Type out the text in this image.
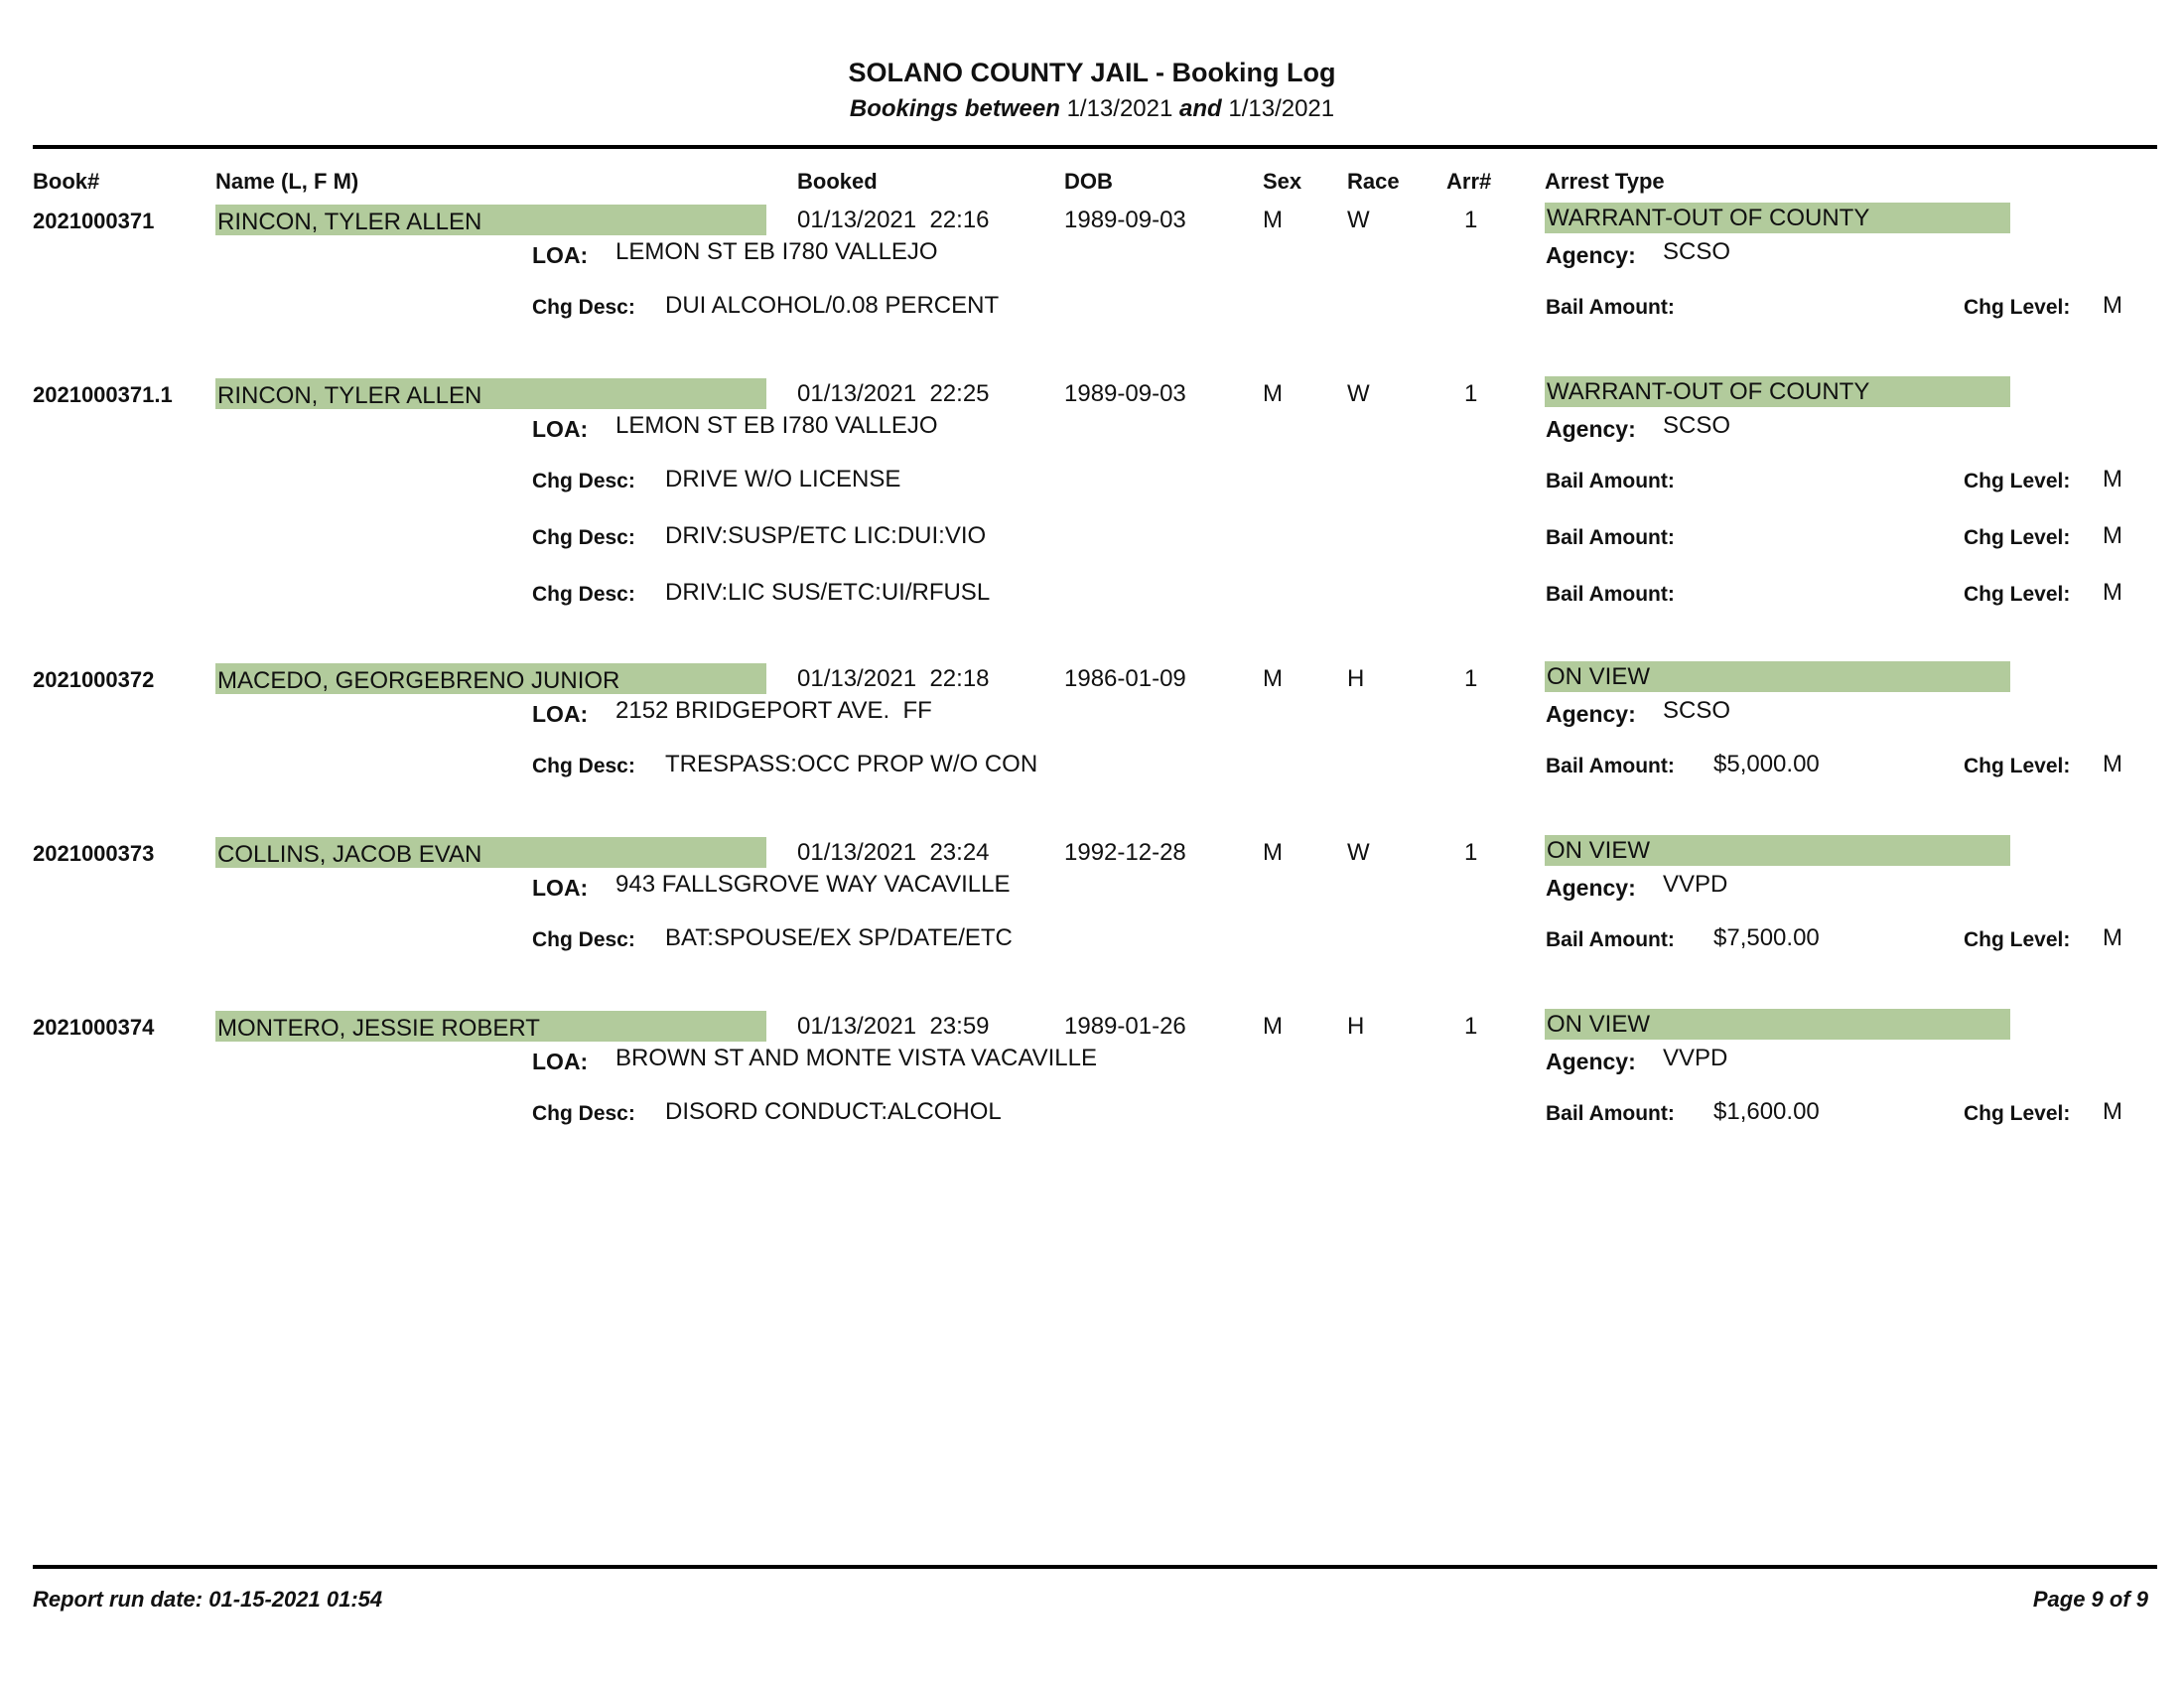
SOLANO COUNTY JAIL - Booking Log
Bookings between 1/13/2021 and 1/13/2021
Book#	Name (L, F M)	Booked	DOB	Sex Race Arr# Arrest Type
2021000371	RINCON, TYLER ALLEN	01/13/2021  22:16	1989-09-03	M	W	1	WARRANT-OUT OF COUNTY
LOA: LEMON ST EB I780 VALLEJO	Agency: SCSO
Chg Desc: DUI ALCOHOL/0.08 PERCENT	Bail Amount:	Chg Level: M
2021000371.1 RINCON, TYLER ALLEN	01/13/2021  22:25	1989-09-03	M	W	1	WARRANT-OUT OF COUNTY
LOA: LEMON ST EB I780 VALLEJO	Agency: SCSO
Chg Desc: DRIVE W/O LICENSE	Bail Amount:	Chg Level: M
Chg Desc: DRIV:SUSP/ETC LIC:DUI:VIO	Bail Amount:	Chg Level: M
Chg Desc: DRIV:LIC SUS/ETC:UI/RFUSL	Bail Amount:	Chg Level: M
2021000372	MACEDO, GEORGEBRENO JUNIOR	01/13/2021  22:18	1986-01-09	M	H	1	ON VIEW
LOA: 2152 BRIDGEPORT AVE.  FF	Agency: SCSO
Chg Desc: TRESPASS:OCC PROP W/O CON	Bail Amount: $5,000.00	Chg Level: M
2021000373	COLLINS, JACOB EVAN	01/13/2021  23:24	1992-12-28	M	W	1	ON VIEW
LOA: 943 FALLSGROVE WAY VACAVILLE	Agency: VVPD
Chg Desc: BAT:SPOUSE/EX SP/DATE/ETC	Bail Amount: $7,500.00	Chg Level: M
2021000374	MONTERO, JESSIE ROBERT	01/13/2021  23:59	1989-01-26	M	H	1	ON VIEW
LOA: BROWN ST AND MONTE VISTA VACAVILLE	Agency: VVPD
Chg Desc: DISORD CONDUCT:ALCOHOL	Bail Amount: $1,600.00	Chg Level: M
Report run date: 01-15-2021 01:54	Page 9 of 9
